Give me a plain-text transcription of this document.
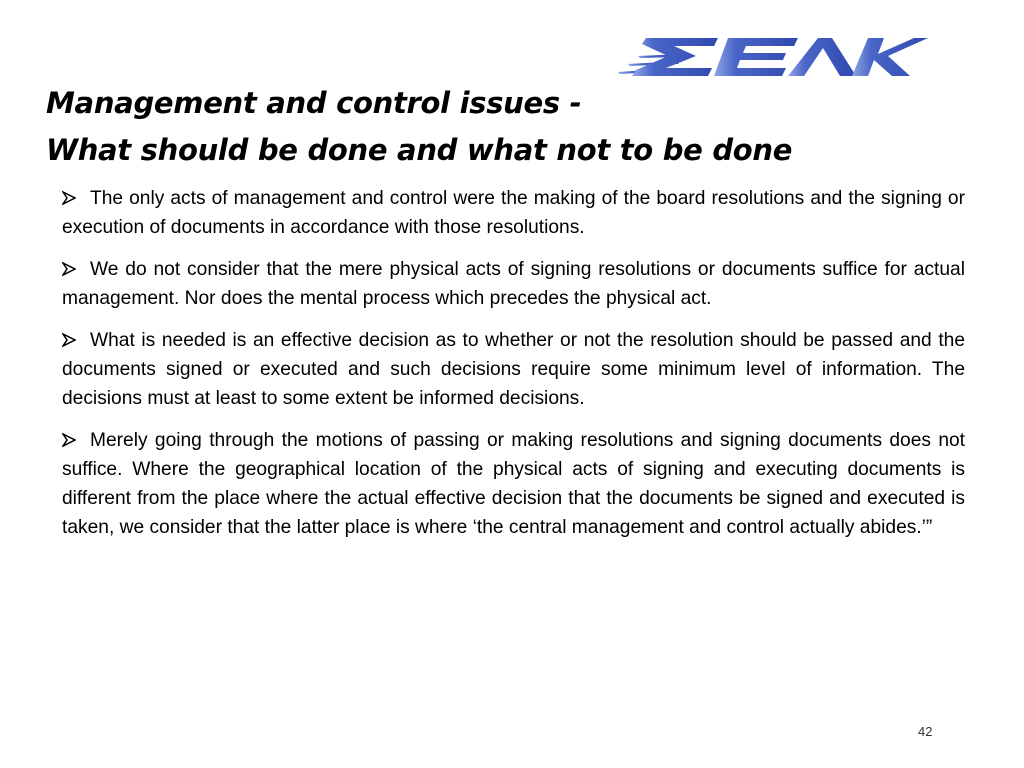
Management and control issues -
What should be done and what not to be done
The only acts of management and control were the making of the board resolutions and the signing or execution of documents in accordance with those resolutions.
We do not consider that the mere physical acts of signing resolutions or documents suffice for actual management. Nor does the mental process which precedes the physical act.
What is needed is an effective decision as to whether or not the resolution should be passed and the documents signed or executed and such decisions require some minimum level of information. The decisions must at least to some extent be informed decisions.
Merely going through the motions of passing or making resolutions and signing documents does not suffice. Where the geographical location of the physical acts of signing and executing documents is different from the place where the actual effective decision that the documents be signed and executed is taken, we consider that the latter place is where ‘the central management and control actually abides.’”
42
